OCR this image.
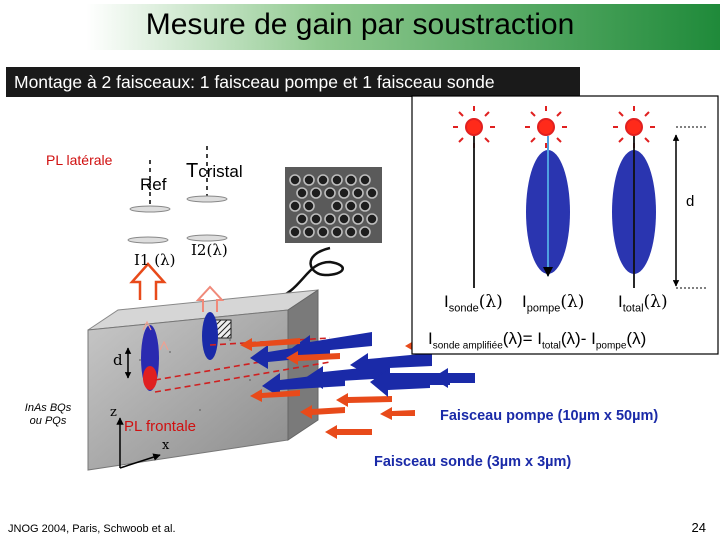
Mesure de gain par soustraction
Montage à 2 faisceaux: 1 faisceau pompe et 1 faisceau sonde
PL latérale
Ref
Tcristal
I1 (λ)
I2(λ)
d
InAs BQs ou PQs	PL frontale
z
x
d
$I_{sonde}(\lambda)$ $I_{pompe}(\lambda)$ $I_{total}(\lambda)$
$I_{sonde amplifiée}(\lambda)= I_{total}(\lambda)-$ $I_{pompe}(\lambda)$
Faisceau pompe (10µm x 50µm)
Faisceau sonde (3µm x 3µm)
JNOG 2004, Paris, Schwoob et al.	24
